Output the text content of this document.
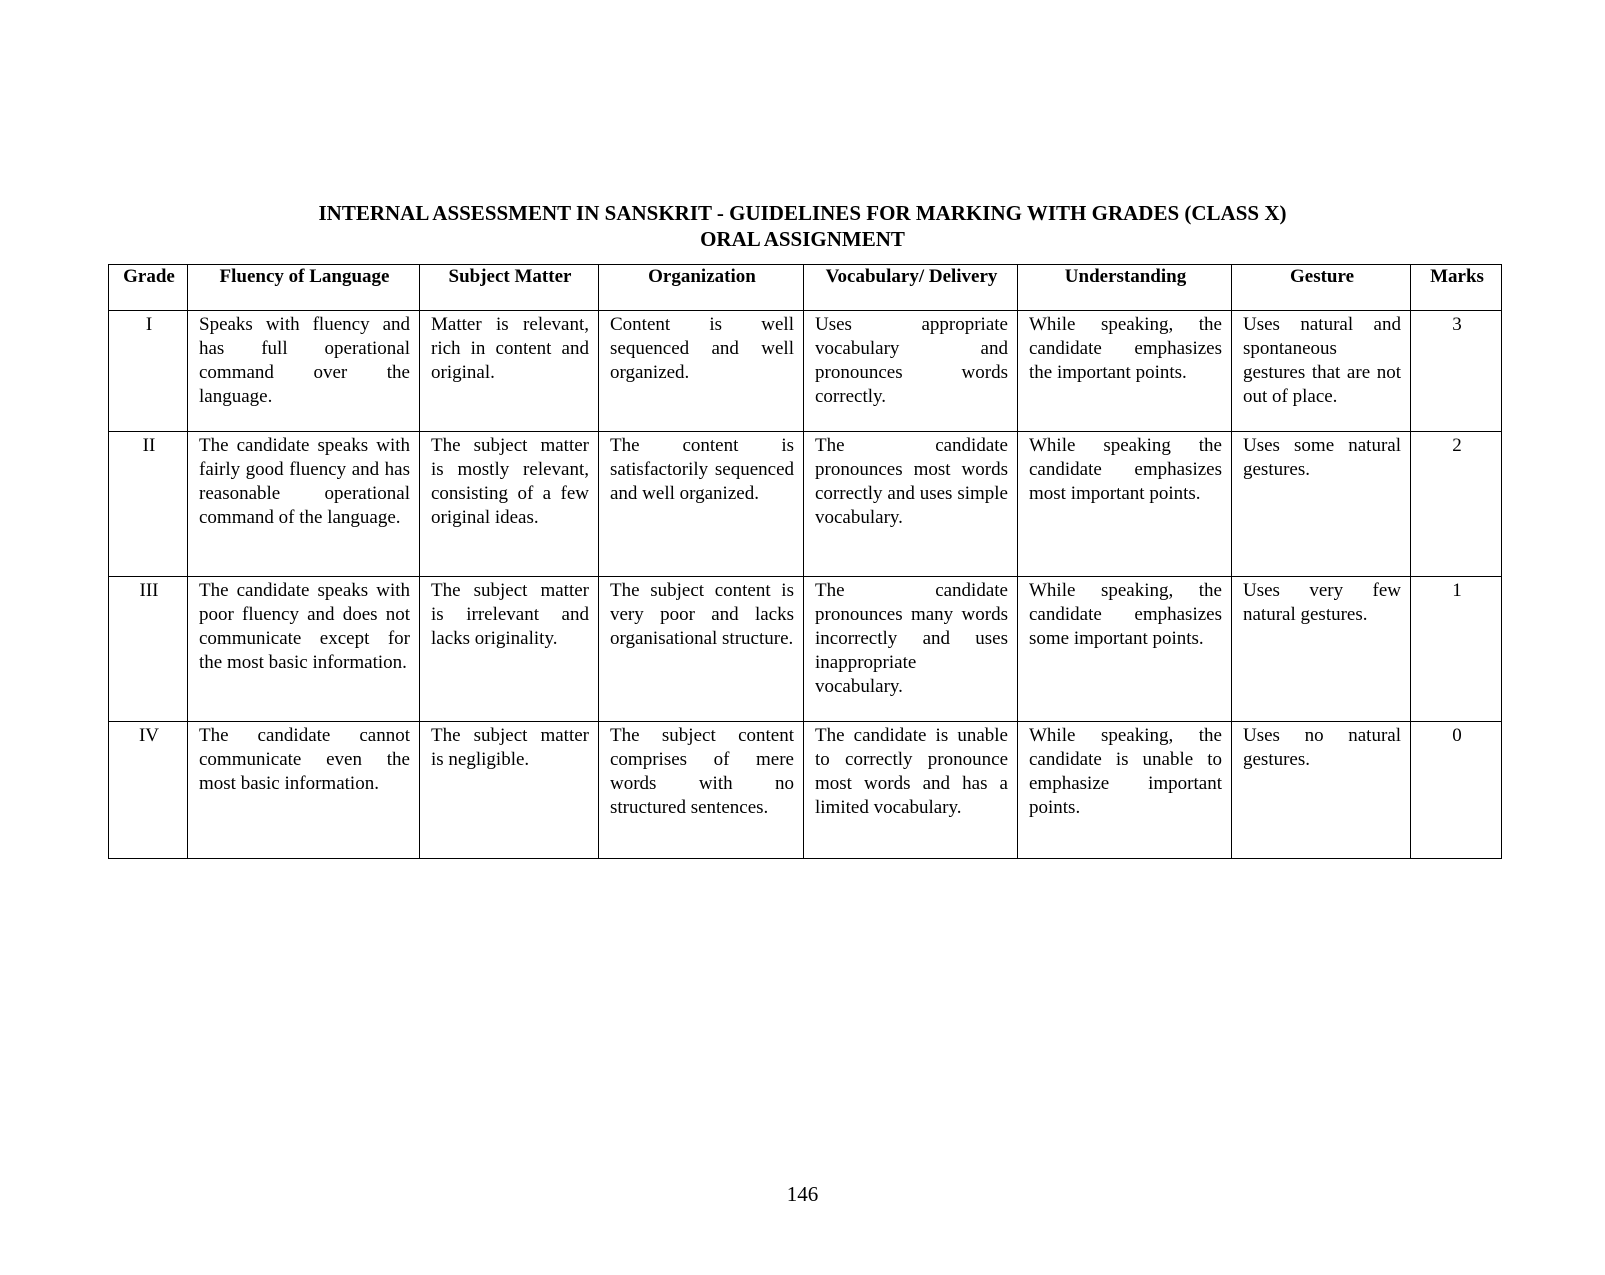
INTERNAL ASSESSMENT IN SANSKRIT - GUIDELINES FOR MARKING WITH GRADES (CLASS X)
ORAL ASSIGNMENT
Grade	Fluency of Language	Subject Matter	Organization	Vocabulary/ Delivery	Understanding	Gesture	Marks
I	Speaks with fluency and has full operational command over the language.	Matter is relevant, rich in content and original.	Content is well sequenced and well organized.	Uses appropriate vocabulary and pronounces words correctly.	While speaking, the candidate emphasizes the important points.	Uses natural and spontaneous gestures that are not out of place.	3
II	The candidate speaks with fairly good fluency and has reasonable operational command of the language.	The subject matter is mostly relevant, consisting of a few original ideas.	The content is satisfactorily sequenced and well organized.	The candidate pronounces most words correctly and uses simple vocabulary.	While speaking the candidate emphasizes most important points.	Uses some natural gestures.	2
III	The candidate speaks with poor fluency and does not communicate except for the most basic information.	The subject matter is irrelevant and lacks originality.	The subject content is very poor and lacks organisational structure.	The candidate pronounces many words incorrectly and uses inappropriate vocabulary.	While speaking, the candidate emphasizes some important points.	Uses very few natural gestures.	1
IV	The candidate cannot communicate even the most basic information.	The subject matter is negligible.	The subject content comprises of mere words with no structured sentences.	The candidate is unable to correctly pronounce most words and has a limited vocabulary.	While speaking, the candidate is unable to emphasize important points.	Uses no natural gestures.	0
146
